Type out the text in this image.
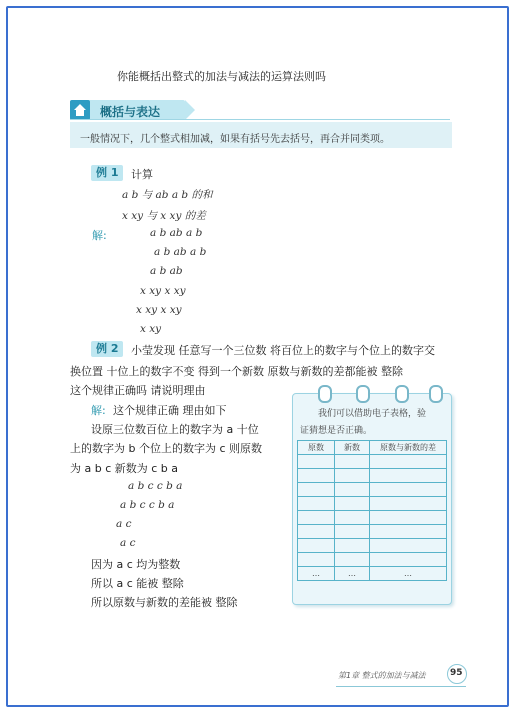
你能概括出整式的加法与减法的运算法则吗
概括与表达
一般情况下，几个整式相加减，如果有括号先去括号，再合并同类项。
例 1	计算
a b 与 ab a b 的和
x xy 与 x xy 的差
解:	a b ab a b
a b ab a b
a b ab
x xy x xy
x xy x xy
x xy
例 2	小莹发现 任意写一个三位数 将百位上的数字与个位上的数字交
换位置 十位上的数字不变 得到一个新数 原数与新数的差都能被 整除
这个规律正确吗 请说明理由
解: 这个规律正确 理由如下
设原三位数百位上的数字为 a 十位
上的数字为 b 个位上的数字为 c 则原数
为 a b c 新数为 c b a
a b c c b a
a b c c b a
a c
a c
因为 a c 均为整数
所以 a c 能被 整除
所以原数与新数的差能被 整除
我们可以借助电子表格，验
证猜想是否正确。
原数	新数	原数与新数的差

…	…	…
第1章 整式的加法与减法	95
